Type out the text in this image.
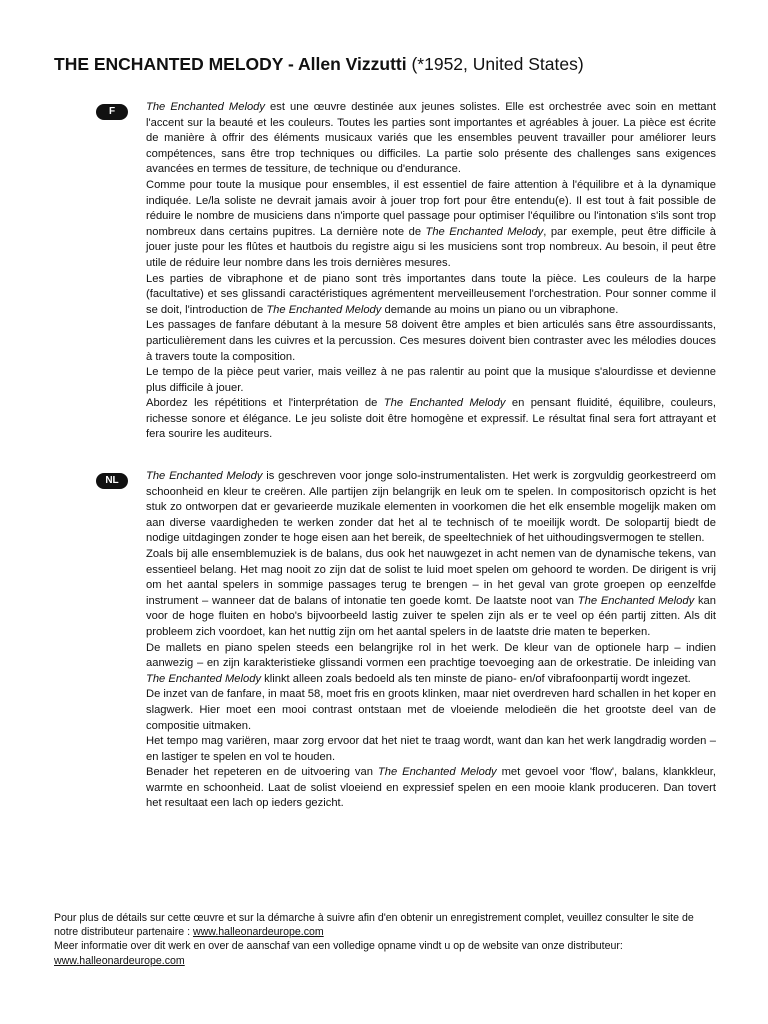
THE ENCHANTED MELODY - Allen Vizzutti (*1952, United States)
F	The Enchanted Melody est une œuvre destinée aux jeunes solistes. Elle est orchestrée avec soin en mettant l'accent sur la beauté et les couleurs. Toutes les parties sont importantes et agréables à jouer. La pièce est écrite de manière à offrir des éléments musicaux variés que les ensembles peuvent travailler pour améliorer leurs compétences, sans être trop techniques ou difficiles. La partie solo présente des challenges sans exigences avancées en termes de tessiture, de technique ou d'endurance.

Comme pour toute la musique pour ensembles, il est essentiel de faire attention à l'équilibre et à la dynamique indiquée. Le/la soliste ne devrait jamais avoir à jouer trop fort pour être entendu(e). Il est tout à fait possible de réduire le nombre de musiciens dans n'importe quel passage pour optimiser l'équilibre ou l'intonation s'ils sont trop nombreux dans certains pupitres. La dernière note de The Enchanted Melody, par exemple, peut être difficile à jouer juste pour les flûtes et hautbois du registre aigu si les musiciens sont trop nombreux. Au besoin, il peut être utile de réduire leur nombre dans les trois dernières mesures.

Les parties de vibraphone et de piano sont très importantes dans toute la pièce. Les couleurs de la harpe (facultative) et ses glissandi caractéristiques agrémentent merveilleusement l'orchestration. Pour sonner comme il se doit, l'introduction de The Enchanted Melody demande au moins un piano ou un vibraphone.

Les passages de fanfare débutant à la mesure 58 doivent être amples et bien articulés sans être assourdissants, particulièrement dans les cuivres et la percussion. Ces mesures doivent bien contraster avec les mélodies douces à travers toute la composition.

Le tempo de la pièce peut varier, mais veillez à ne pas ralentir au point que la musique s'alourdisse et devienne plus difficile à jouer.

Abordez les répétitions et l'interprétation de The Enchanted Melody en pensant fluidité, équilibre, couleurs, richesse sonore et élégance. Le jeu soliste doit être homogène et expressif. Le résultat final sera fort attrayant et fera sourire les auditeurs.

NL	The Enchanted Melody is geschreven voor jonge solo-instrumentalisten. Het werk is zorgvuldig georkestreerd om schoonheid en kleur te creëren. Alle partijen zijn belangrijk en leuk om te spelen. In compositorisch opzicht is het stuk zo ontworpen dat er gevarieerde muzikale elementen in voorkomen die het elk ensemble mogelijk maken om aan diverse vaardigheden te werken zonder dat het al te technisch of te moeilijk wordt. De solopartij biedt de nodige uitdagingen zonder te hoge eisen aan het bereik, de speeltechniek of het uithoudingsvermogen te stellen.

Zoals bij alle ensemblemuziek is de balans, dus ook het nauwgezet in acht nemen van de dynamische tekens, van essentieel belang. Het mag nooit zo zijn dat de solist te luid moet spelen om gehoord te worden. De dirigent is vrij om het aantal spelers in sommige passages terug te brengen – in het geval van grote groepen op eenzelfde instrument – wanneer dat de balans of intonatie ten goede komt. De laatste noot van The Enchanted Melody kan voor de hoge fluiten en hobo's bijvoorbeeld lastig zuiver te spelen zijn als er te veel op één partij zitten. Als dit probleem zich voordoet, kan het nuttig zijn om het aantal spelers in de laatste drie maten te beperken.

De mallets en piano spelen steeds een belangrijke rol in het werk. De kleur van de optionele harp – indien aanwezig – en zijn karakteristieke glissandi vormen een prachtige toevoeging aan de orkestratie. De inleiding van The Enchanted Melody klinkt alleen zoals bedoeld als ten minste de piano- en/of vibrafoonpartij wordt ingezet.

De inzet van de fanfare, in maat 58, moet fris en groots klinken, maar niet overdreven hard schallen in het koper en slagwerk. Hier moet een mooi contrast ontstaan met de vloeiende melodieën die het grootste deel van de compositie uitmaken.

Het tempo mag variëren, maar zorg ervoor dat het niet te traag wordt, want dan kan het werk langdradig worden – en lastiger te spelen en vol te houden.

Benader het repeteren en de uitvoering van The Enchanted Melody met gevoel voor 'flow', balans, klankkleur, warmte en schoonheid. Laat de solist vloeiend en expressief spelen en een mooie klank produceren. Dan tovert het resultaat een lach op ieders gezicht.

Pour plus de détails sur cette œuvre et sur la démarche à suivre afin d'en obtenir un enregistrement complet, veuillez consulter le site de notre distributeur partenaire : www.halleonardeurope.com

Meer informatie over dit werk en over de aanschaf van een volledige opname vindt u op de website van onze distributeur: www.halleonardeurope.com
